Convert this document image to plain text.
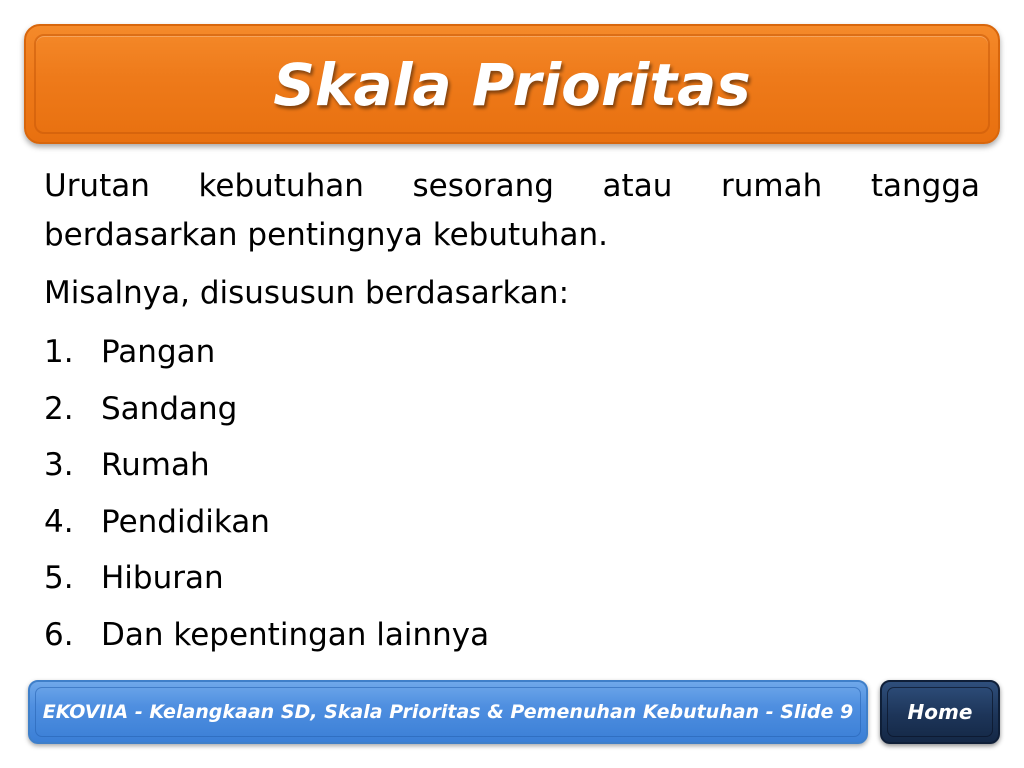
Skala Prioritas

Urutan kebutuhan sesorang atau rumah tangga berdasarkan pentingnya kebutuhan.

Misalnya, disususun berdasarkan:

1. Pangan
2. Sandang
3. Rumah
4. Pendidikan
5. Hiburan
6. Dan kepentingan lainnya
EKOVIIA - Kelangkaan SD, Skala Prioritas & Pemenuhan Kebutuhan - Slide 9	Home
